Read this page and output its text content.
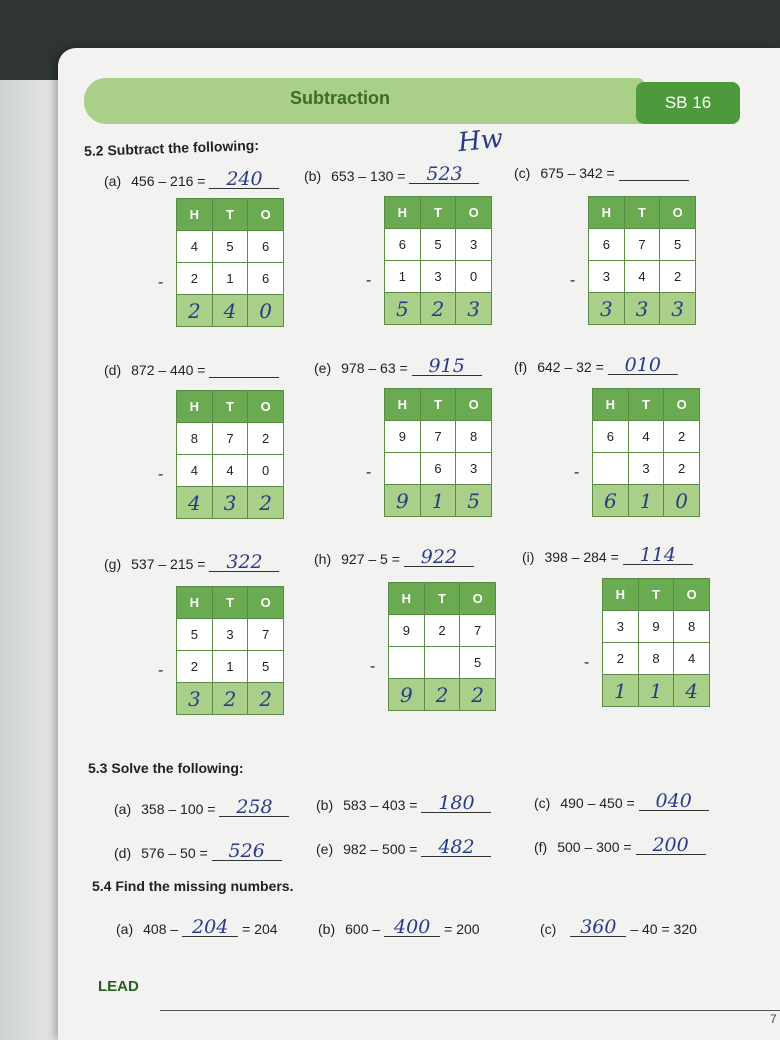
Subtraction	SB 16
Hw
5.2 Subtract the following:
(a) 456 – 216 =	240
H	T	O
4	5	6
2	1	6
2	4	0
-
(b) 653 – 130 =	523
H	T	O
6	5	3
1	3	0
5	2	3
-
(c) 675 – 342 =
H	T	O
6	7	5
3	4	2
3	3	3
-
(d) 872 – 440 =
H	T	O
8	7	2
4	4	0
4	3	2
-
(e) 978 – 63 =	915
H	T	O
9	7	8
	6	3
9	1	5
-
(f) 642 – 32 =	010
H	T	O
6	4	2
	3	2
6	1	0
-
(g) 537 – 215 =	322
H	T	O
5	3	7
2	1	5
3	2	2
-
(h) 927 – 5 =	922
H	T	O
9	2	7
		5
9	2	2
-
(i) 398 – 284 =	114
H	T	O
3	9	8
2	8	4
1	1	4
-
5.3 Solve the following:
(a) 358 – 100 =	258	(b) 583 – 403 =	180	(c) 490 – 450 =	040
(d) 576 – 50 =	526	(e) 982 – 500 =	482	(f) 500 – 300 =	200
5.4 Find the missing numbers.
(a) 408 – 204 = 204	(b) 600 – 400 = 200	(c)	360 – 40 = 320
LEAD
7
